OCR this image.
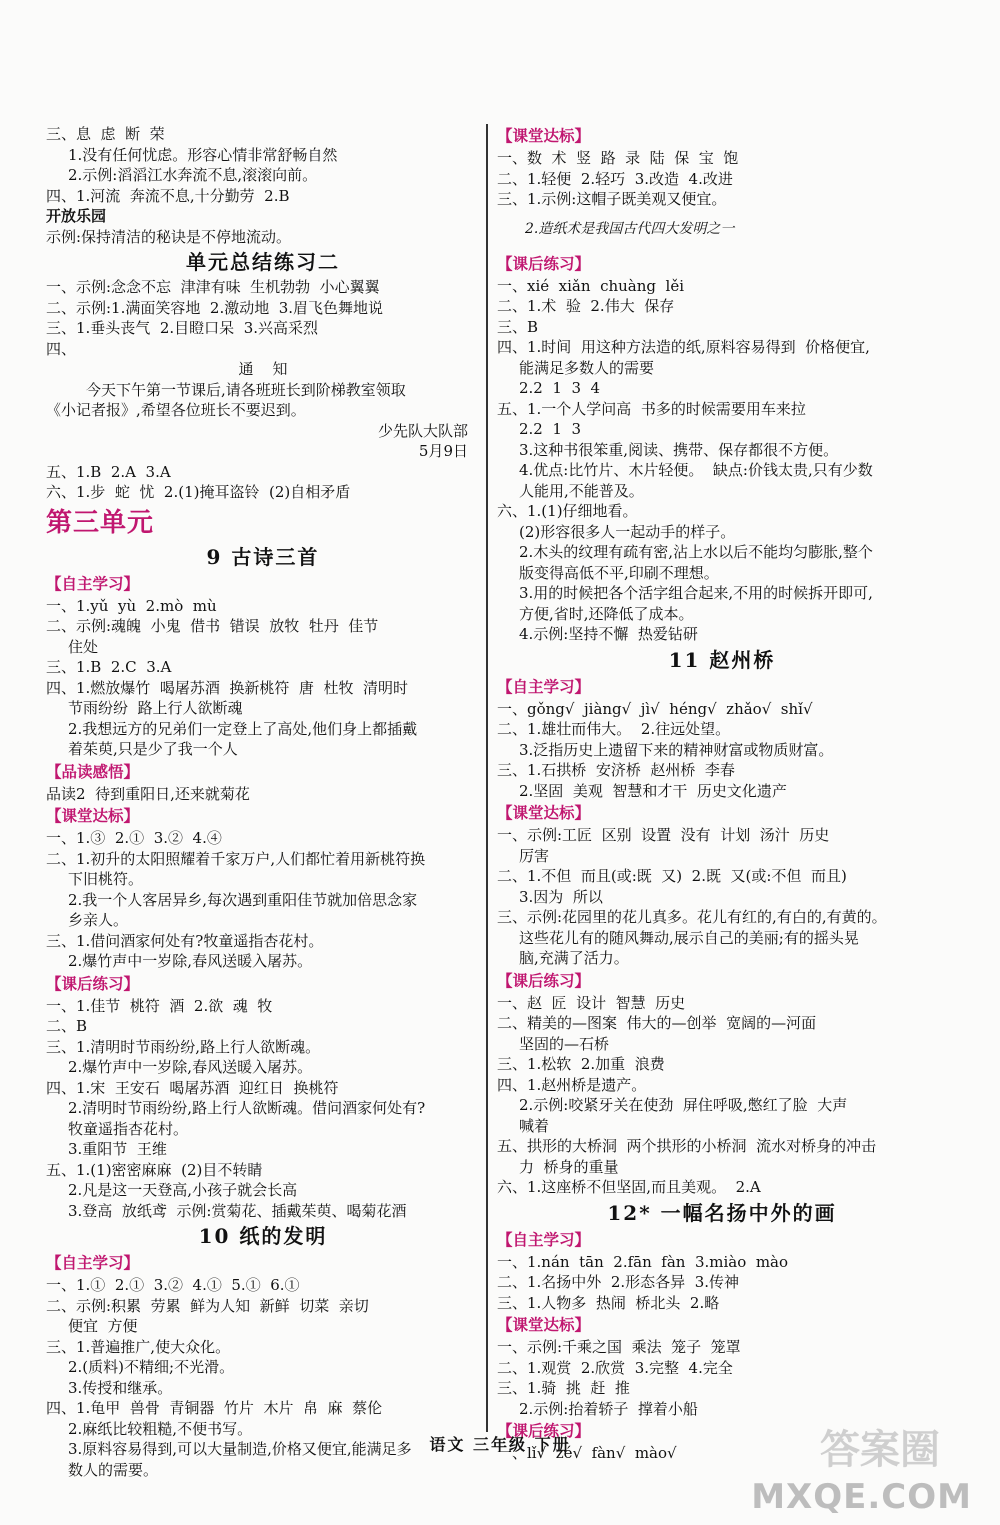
三、息  虑  断  荣
1.没有任何忧虑。形容心情非常舒畅自然
2.示例:滔滔江水奔流不息,滚滚向前。
四、1.河流  奔流不息,十分勤劳  2.B
开放乐园
示例:保持清洁的秘诀是不停地流动。
单元总结练习二
一、示例:念念不忘  津津有味  生机勃勃  小心翼翼
二、示例:1.满面笑容地  2.激动地  3.眉飞色舞地说
三、1.垂头丧气  2.目瞪口呆  3.兴高采烈
四、
通    知
今天下午第一节课后,请各班班长到阶梯教室领取
《小记者报》,希望各位班长不要迟到。
少先队大队部
5月9日
五、1.B  2.A  3.A
六、1.步  蛇  忧  2.(1)掩耳盗铃  (2)自相矛盾
第三单元
9 古诗三首
【自主学习】
一、1.yǔ  yù  2.mò  mù
二、示例:魂魄  小鬼  借书  错误  放牧  牡丹  佳节
住处
三、1.B  2.C  3.A
四、1.燃放爆竹  喝屠苏酒  换新桃符  唐  杜牧  清明时
节雨纷纷  路上行人欲断魂
2.我想远方的兄弟们一定登上了高处,他们身上都插戴
着茱萸,只是少了我一个人
【品读感悟】
品读2  待到重阳日,还来就菊花
【课堂达标】
一、1.③  2.①  3.②  4.④
二、1.初升的太阳照耀着千家万户,人们都忙着用新桃符换
下旧桃符。
2.我一个人客居异乡,每次遇到重阳佳节就加倍思念家
乡亲人。
三、1.借问酒家何处有?牧童遥指杏花村。
2.爆竹声中一岁除,春风送暖入屠苏。
【课后练习】
一、1.佳节  桃符  酒  2.欲  魂  牧
二、B
三、1.清明时节雨纷纷,路上行人欲断魂。
2.爆竹声中一岁除,春风送暖入屠苏。
四、1.宋  王安石  喝屠苏酒  迎红日  换桃符
2.清明时节雨纷纷,路上行人欲断魂。借问酒家何处有?
牧童遥指杏花村。
3.重阳节  王维
五、1.(1)密密麻麻  (2)目不转睛
2.凡是这一天登高,小孩子就会长高
3.登高  放纸鸢  示例:赏菊花、插戴茱萸、喝菊花酒
10 纸的发明
【自主学习】
一、1.①  2.①  3.②  4.①  5.①  6.①
二、示例:积累  劳累  鲜为人知  新鲜  切菜  亲切
便宜  方便
三、1.普遍推广,使大众化。
2.(质料)不精细;不光滑。
3.传授和继承。
四、1.龟甲  兽骨  青铜器  竹片  木片  帛  麻  蔡伦
2.麻纸比较粗糙,不便书写。
3.原料容易得到,可以大量制造,价格又便宜,能满足多
数人的需要。
【课堂达标】
一、数  术  竖  路  录  陆  保  宝  饱
二、1.轻便  2.轻巧  3.改造  4.改进
三、1.示例:这帽子既美观又便宜。
2.造纸术是我国古代四大发明之一
【课后练习】
一、xié  xiǎn  chuàng  lěi
二、1.术  验  2.伟大  保存
三、B
四、1.时间  用这种方法造的纸,原料容易得到  价格便宜,
能满足多数人的需要
2.2  1  3  4
五、1.一个人学问高  书多的时候需要用车来拉
2.2  1  3
3.这种书很笨重,阅读、携带、保存都很不方便。
4.优点:比竹片、木片轻便。  缺点:价钱太贵,只有少数
人能用,不能普及。
六、1.(1)仔细地看。
(2)形容很多人一起动手的样子。
2.木头的纹理有疏有密,沾上水以后不能均匀膨胀,整个
版变得高低不平,印刷不理想。
3.用的时候把各个活字组合起来,不用的时候拆开即可,
方便,省时,还降低了成本。
4.示例:坚持不懈  热爱钻研
11 赵州桥
【自主学习】
一、gǒng√  jiàng√  jì√  héng√  zhǎo√  shǐ√
二、1.雄壮而伟大。  2.往远处望。
3.泛指历史上遗留下来的精神财富或物质财富。
三、1.石拱桥  安济桥  赵州桥  李春
2.坚固  美观  智慧和才干  历史文化遗产
【课堂达标】
一、示例:工匠  区别  设置  没有  计划  汤汁  历史
厉害
二、1.不但  而且(或:既  又)  2.既  又(或:不但  而且)
3.因为  所以
三、示例:花园里的花儿真多。花儿有红的,有白的,有黄的。
这些花儿有的随风舞动,展示自己的美丽;有的摇头晃
脑,充满了活力。
【课后练习】
一、赵  匠  设计  智慧  历史
二、精美的—图案  伟大的—创举  宽阔的—河面
坚固的—石桥
三、1.松软  2.加重  浪费
四、1.赵州桥是遗产。
2.示例:咬紧牙关在使劲  屏住呼吸,憋红了脸  大声
喊着
五、拱形的大桥洞  两个拱形的小桥洞  流水对桥身的冲击
力  桥身的重量
六、1.这座桥不但坚固,而且美观。  2.A
12* 一幅名扬中外的画
【自主学习】
一、1.nán  tān  2.fān  fàn  3.miào  mào
二、1.名扬中外  2.形态各异  3.传神
三、1.人物多  热闹  桥北头  2.略
【课堂达标】
一、示例:千乘之国  乘法  笼子  笼罩
二、1.观赏  2.欣赏  3.完整  4.完全
三、1.骑  挑  赶  推
2.示例:抬着轿子  撑着小船
【课后练习】
一、lǐ√  zé√  fàn√  mào√
语文 三年级 下册	答案圈
MXQE.COM
